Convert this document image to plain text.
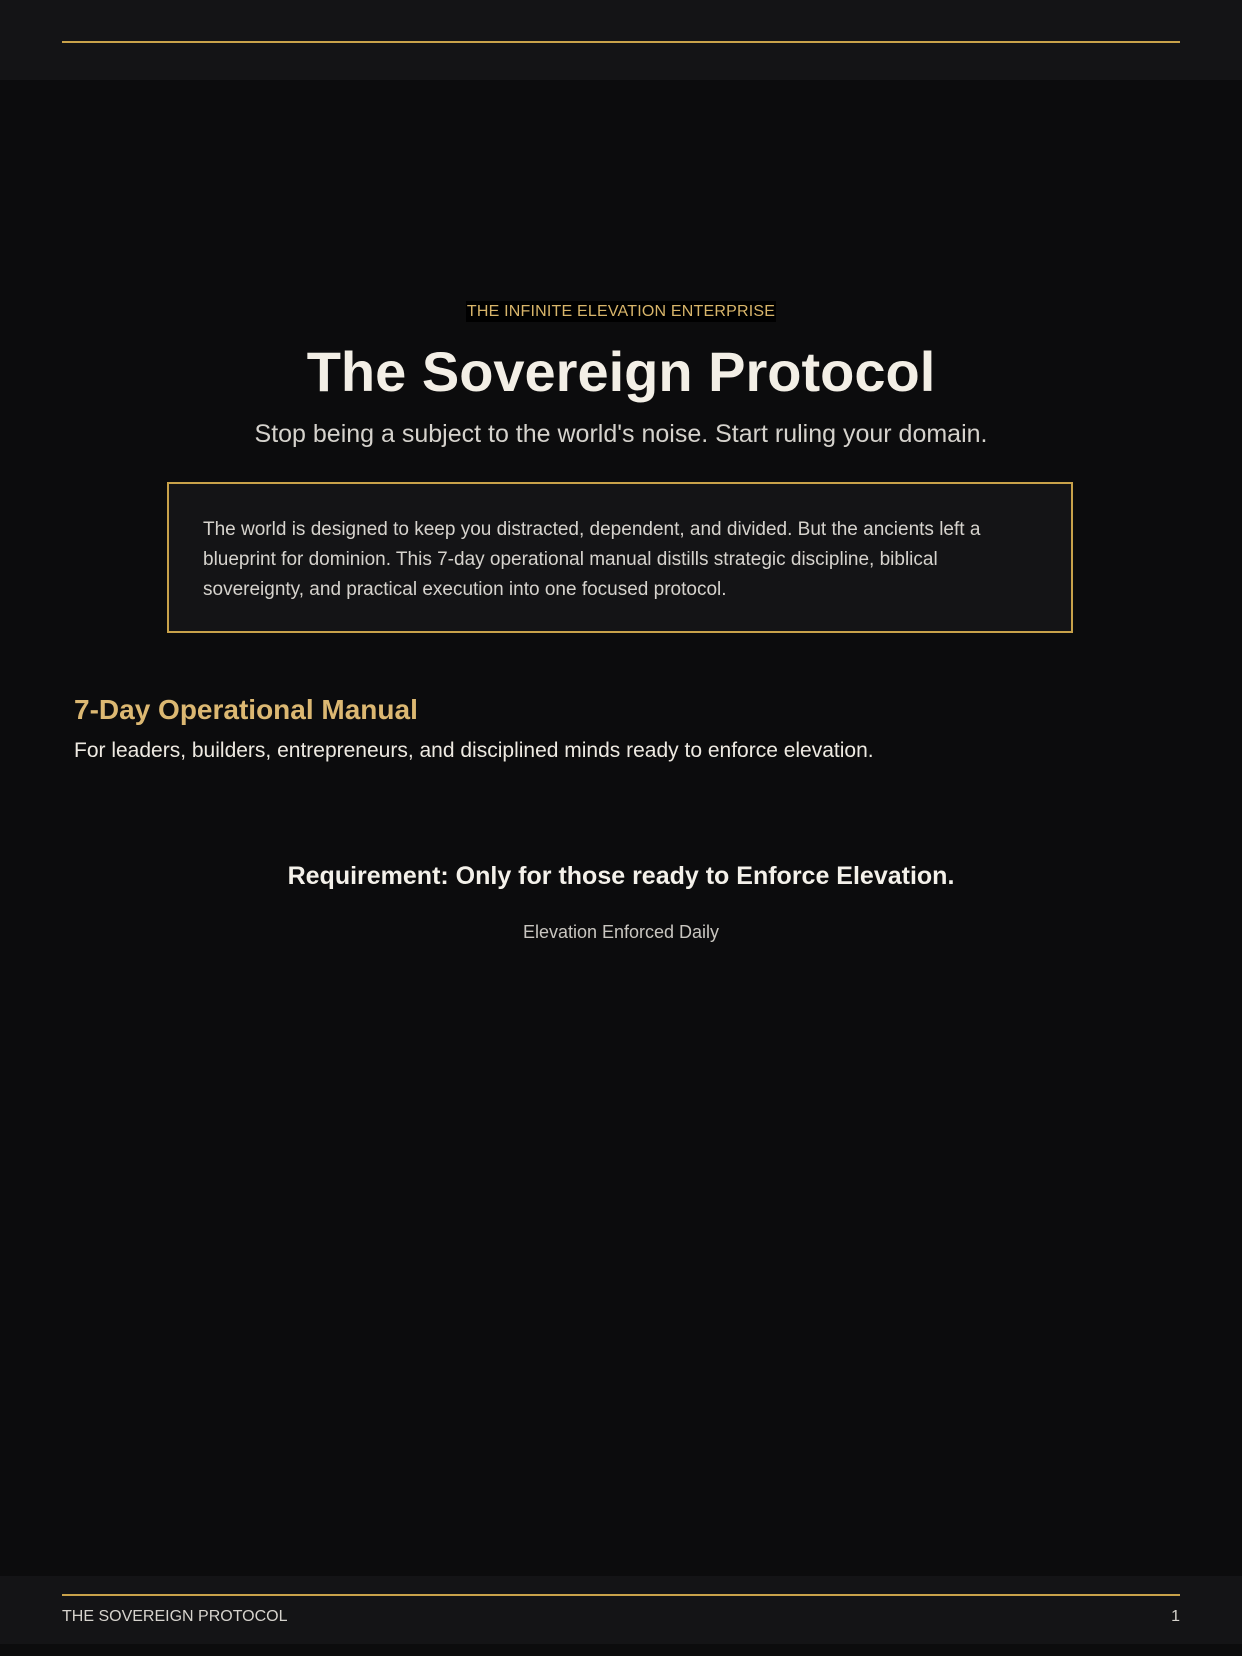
THE INFINITE ELEVATION ENTERPRISE
The Sovereign Protocol
Stop being a subject to the world's noise. Start ruling your domain.
The world is designed to keep you distracted, dependent, and divided. But the ancients left a blueprint for dominion. This 7-day operational manual distills strategic discipline, biblical sovereignty, and practical execution into one focused protocol.
7-Day Operational Manual
For leaders, builders, entrepreneurs, and disciplined minds ready to enforce elevation.
Requirement: Only for those ready to Enforce Elevation.
Elevation Enforced Daily
THE SOVEREIGN PROTOCOL	1
